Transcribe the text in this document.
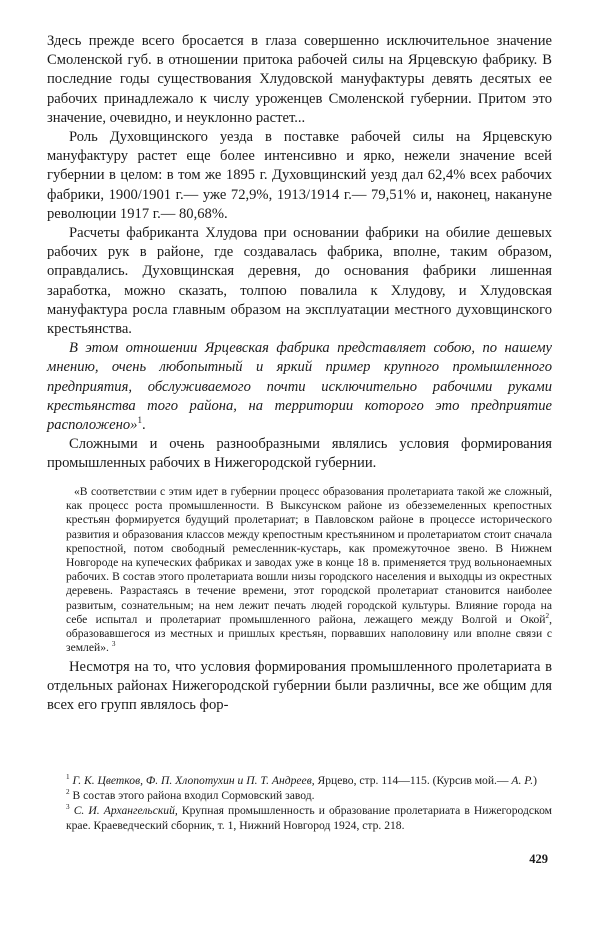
Здесь прежде всего бросается в глаза совершенно исключительное значение Смоленской губ. в отношении притока рабочей силы на Ярцевскую фабрику. В последние годы существования Хлудовской мануфактуры девять десятых ее рабочих принадлежало к числу уроженцев Смоленской губернии. Притом это значение, очевидно, и неуклонно растет...

Роль Духовщинского уезда в поставке рабочей силы на Ярцевскую мануфактуру растет еще более интенсивно и ярко, нежели значение всей губернии в целом: в том же 1895 г. Духовщинский уезд дал 62,4% всех рабочих фабрики, 1900/1901 г.— уже 72,9%, 1913/1914 г.— 79,51% и, наконец, накануне революции 1917 г.— 80,68%.

Расчеты фабриканта Хлудова при основании фабрики на обилие дешевых рабочих рук в районе, где создавалась фабрика, вполне, таким образом, оправдались. Духовщинская деревня, до основания фабрики лишенная заработка, можно сказать, толпою повалила к Хлудову, и Хлудовская мануфактура росла главным образом на эксплуатации местного духовщинского крестьянства.

В этом отношении Ярцевская фабрика представляет собою, по нашему мнению, очень любопытный и яркий пример крупного промышленного предприятия, обслуживаемого почти исключительно рабочими руками крестьянства того района, на территории которого это предприятие расположено»$^1$.

Сложными и очень разнообразными являлись условия формирования промышленных рабочих в Нижегородской губернии.

«В соответствии с этим идет в губернии процесс образования пролетариата такой же сложный, как процесс роста промышленности. В Выксунском районе из обезземеленных крепостных крестьян формируется будущий пролетариат; в Павловском районе в процессе исторического развития и образования классов между крепостным крестьянином и пролетариатом стоит сначала крепостной, потом свободный ремесленник-кустарь, как промежуточное звено. В Нижнем Новгороде на купеческих фабриках и заводах уже в конце 18 в. применяется труд вольнонаемных рабочих. В состав этого пролетариата вошли низы городского населения и выходцы из окрестных деревень. Разрастаясь в течение времени, этот городской пролетариат становится наиболее развитым, сознательным; на нем лежит печать людей городской культуры. Влияние города на себе испытал и пролетариат промышленного района, лежащего между Волгой и Окой$^2$, образовавшегося из местных и пришлых крестьян, порвавших наполовину или вполне связи с землей». $^3$

Несмотря на то, что условия формирования промышленного пролетариата в отдельных районах Нижегородской губернии были различны, все же общим для всех его групп являлось фор-

$^1$ Г. К. Цветков, Ф. П. Хлопотухин и П. Т. Андреев, Ярцево, стр. 114—115. (Курсив мой.— А. Р.)

$^2$ В состав этого района входил Сормовский завод.

$^3$ С. И. Архангельский, Крупная промышленность и образование пролетариата в Нижегородском крае. Краеведческий сборник, т. 1, Нижний Новгород 1924, стр. 218.

429
